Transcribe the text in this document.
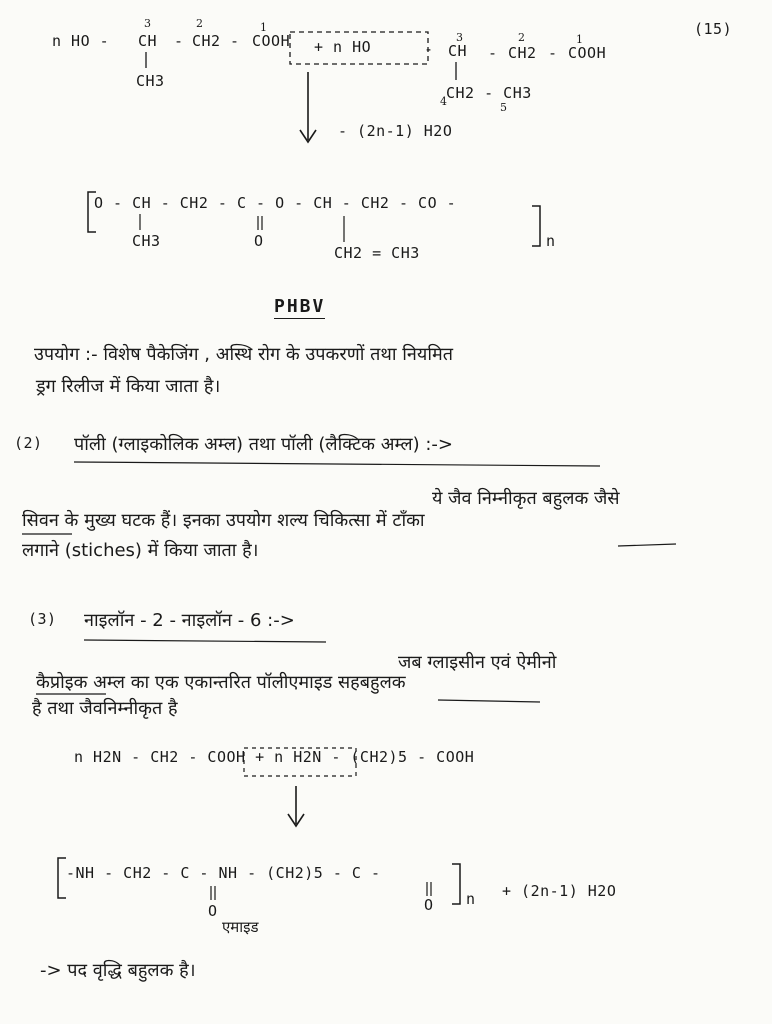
(15)
3	2	1
3	2	1
n HO - CH - CH2 - COOH + n HO	- CH - CH2 - COOH
CH3
4	5
CH2 - CH3
- (2n-1) H2O
O - CH - CH2 - C - O - CH - CH2 - CO -
CH3	O
CH2 = CH3
n
PHBV
उपयोग :- विशेष पैकेजिंग , अस्थि रोग के उपकरणों तथा नियमित
ड्रग रिलीज में किया जाता है।
(2) पॉली (ग्लाइकोलिक अम्ल) तथा पॉली (लैक्टिक अम्ल) :->
ये जैव निम्नीकृत बहुलक जैसे
सिवन के मुख्य घटक हैं। इनका उपयोग शल्य चिकित्सा में टाँका
लगाने (stiches) में किया जाता है।
(3) नाइलॉन - 2 - नाइलॉन - 6 :->
जब ग्लाइसीन एवं ऐमीनो
कैप्रोइक अम्ल का एक एकान्तरित पॉलीएमाइड सहबहुलक
है तथा जैवनिम्नीकृत है
n H2N - CH2 - COOH + n H2N - (CH2)5 - COOH
-NH - CH2 - C - NH - (CH2)5 - C -
O	O n + (2n-1) H2O
एमाइड
-> पद वृद्धि बहुलक है।
